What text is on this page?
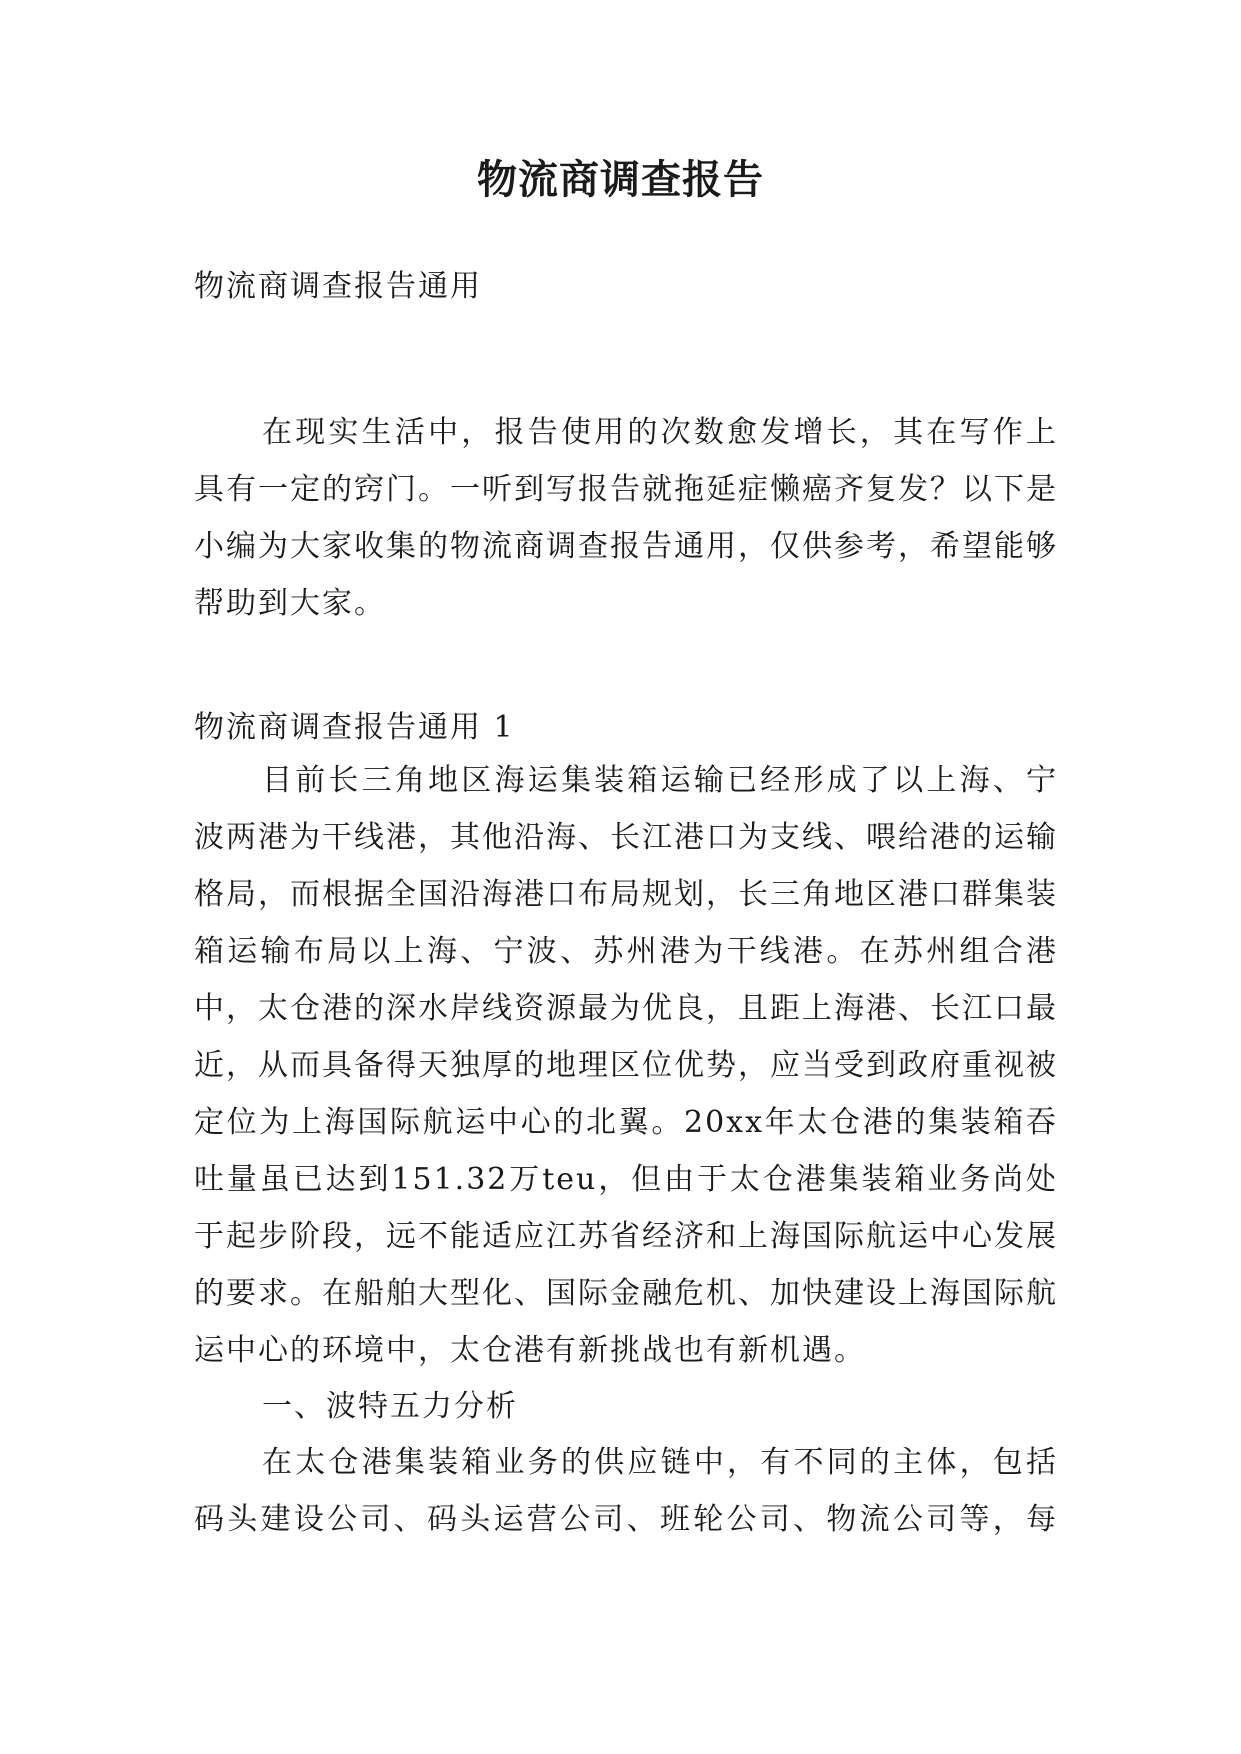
物流商调查报告

物流商调查报告通用

在现实生活中，报告使用的次数愈发增长，其在写作上具有一定的窍门。一听到写报告就拖延症懒癌齐复发？以下是小编为大家收集的物流商调查报告通用，仅供参考，希望能够帮助到大家。

物流商调查报告通用 1

目前长三角地区海运集装箱运输已经形成了以上海、宁波两港为干线港，其他沿海、长江港口为支线、喂给港的运输格局，而根据全国沿海港口布局规划，长三角地区港口群集装箱运输布局以上海、宁波、苏州港为干线港。在苏州组合港中，太仓港的深水岸线资源最为优良，且距上海港、长江口最近，从而具备得天独厚的地理区位优势，应当受到政府重视被定位为上海国际航运中心的北翼。20xx年太仓港的集装箱吞吐量虽已达到151.32万teu，但由于太仓港集装箱业务尚处于起步阶段，远不能适应江苏省经济和上海国际航运中心发展的要求。在船舶大型化、国际金融危机、加快建设上海国际航运中心的环境中，太仓港有新挑战也有新机遇。

一、波特五力分析

在太仓港集装箱业务的供应链中，有不同的主体，包括码头建设公司、码头运营公司、班轮公司、物流公司等，每
